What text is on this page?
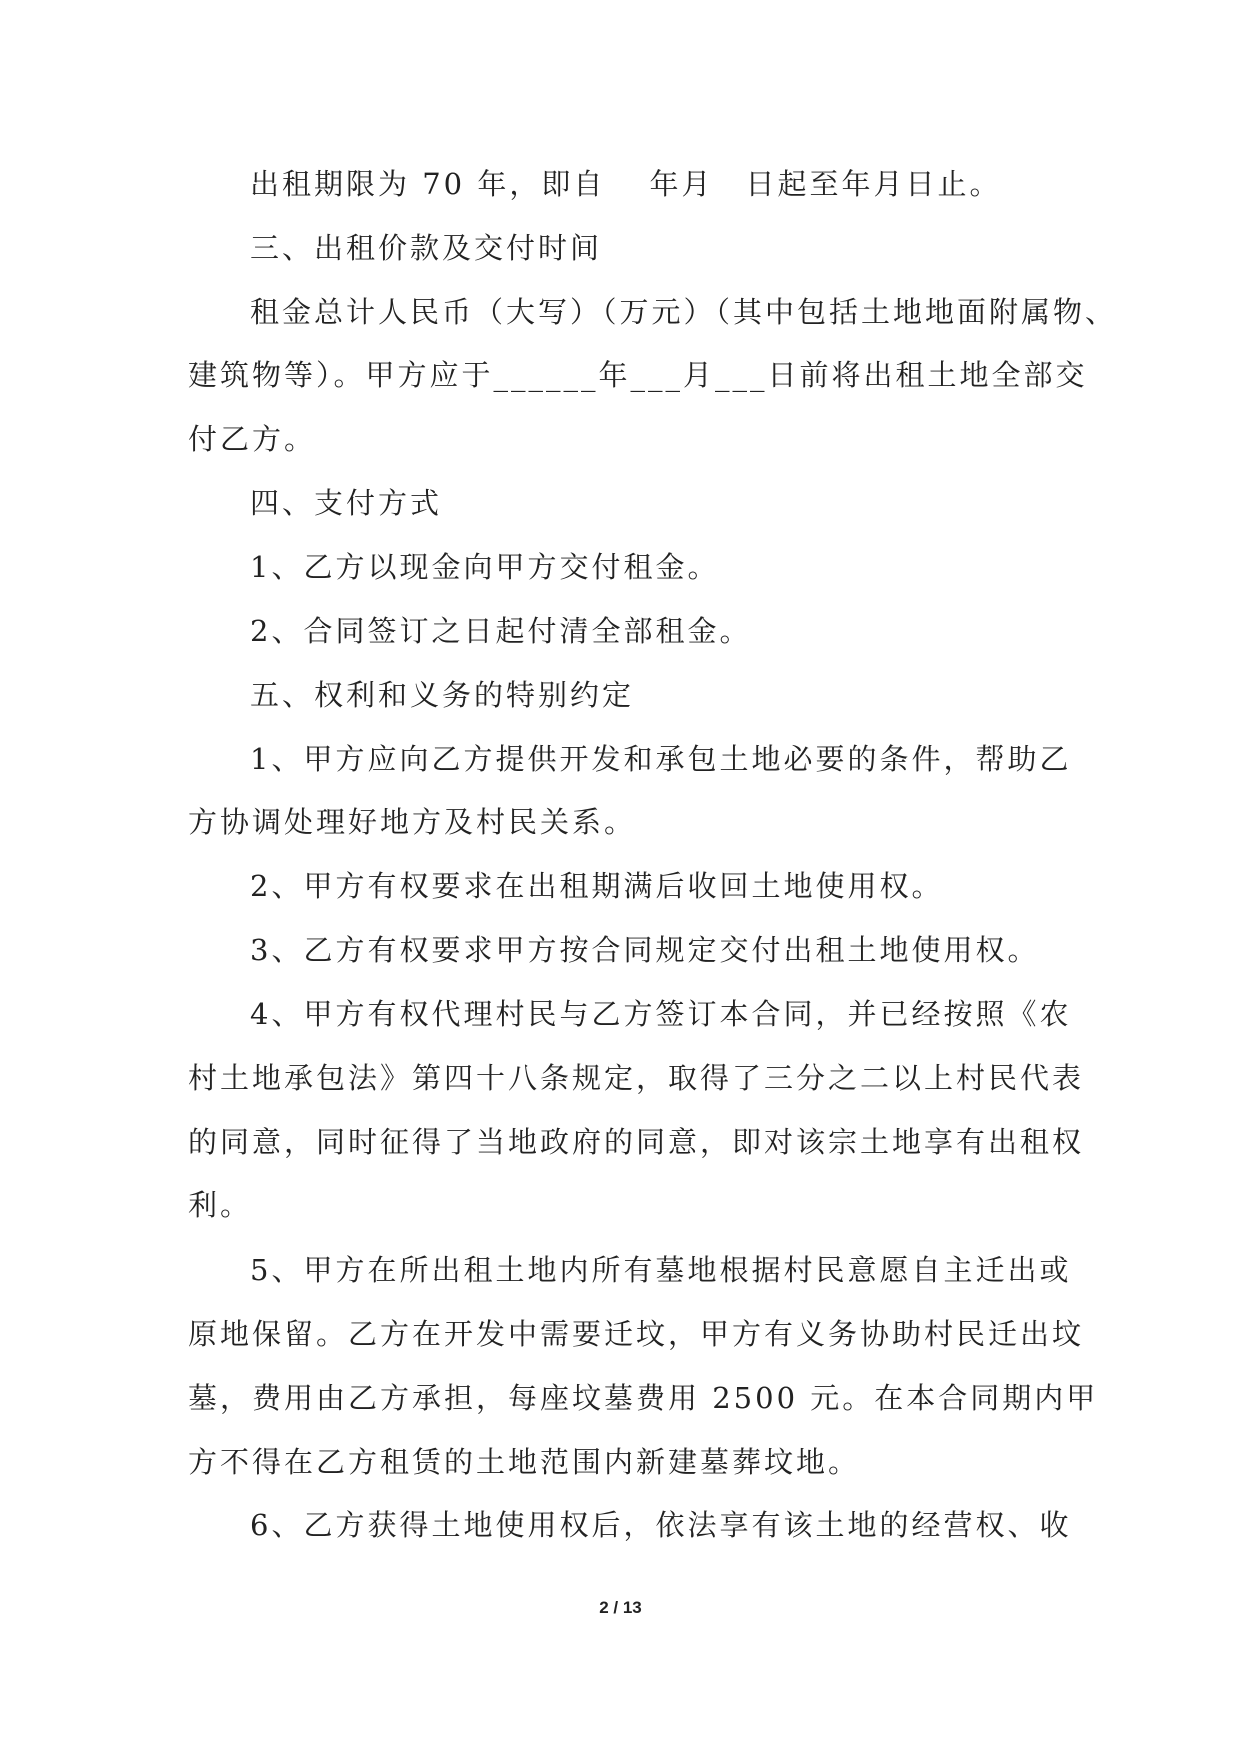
出租期限为 70 年，即自　 年月　日起至年月日止。
三、出租价款及交付时间
租金总计人民币（大写）（万元）（其中包括土地地面附属物、
建筑物等）。甲方应于______年___月___日前将出租土地全部交
付乙方。
四、支付方式
1、乙方以现金向甲方交付租金。
2、合同签订之日起付清全部租金。
五、权利和义务的特别约定
1、甲方应向乙方提供开发和承包土地必要的条件，帮助乙
方协调处理好地方及村民关系。
2、甲方有权要求在出租期满后收回土地使用权。
3、乙方有权要求甲方按合同规定交付出租土地使用权。
4、甲方有权代理村民与乙方签订本合同，并已经按照《农
村土地承包法》第四十八条规定，取得了三分之二以上村民代表
的同意，同时征得了当地政府的同意，即对该宗土地享有出租权
利。
5、甲方在所出租土地内所有墓地根据村民意愿自主迁出或
原地保留。乙方在开发中需要迁坟，甲方有义务协助村民迁出坟
墓，费用由乙方承担，每座坟墓费用 2500 元。在本合同期内甲
方不得在乙方租赁的土地范围内新建墓葬坟地。
6、乙方获得土地使用权后，依法享有该土地的经营权、收
2 / 13
